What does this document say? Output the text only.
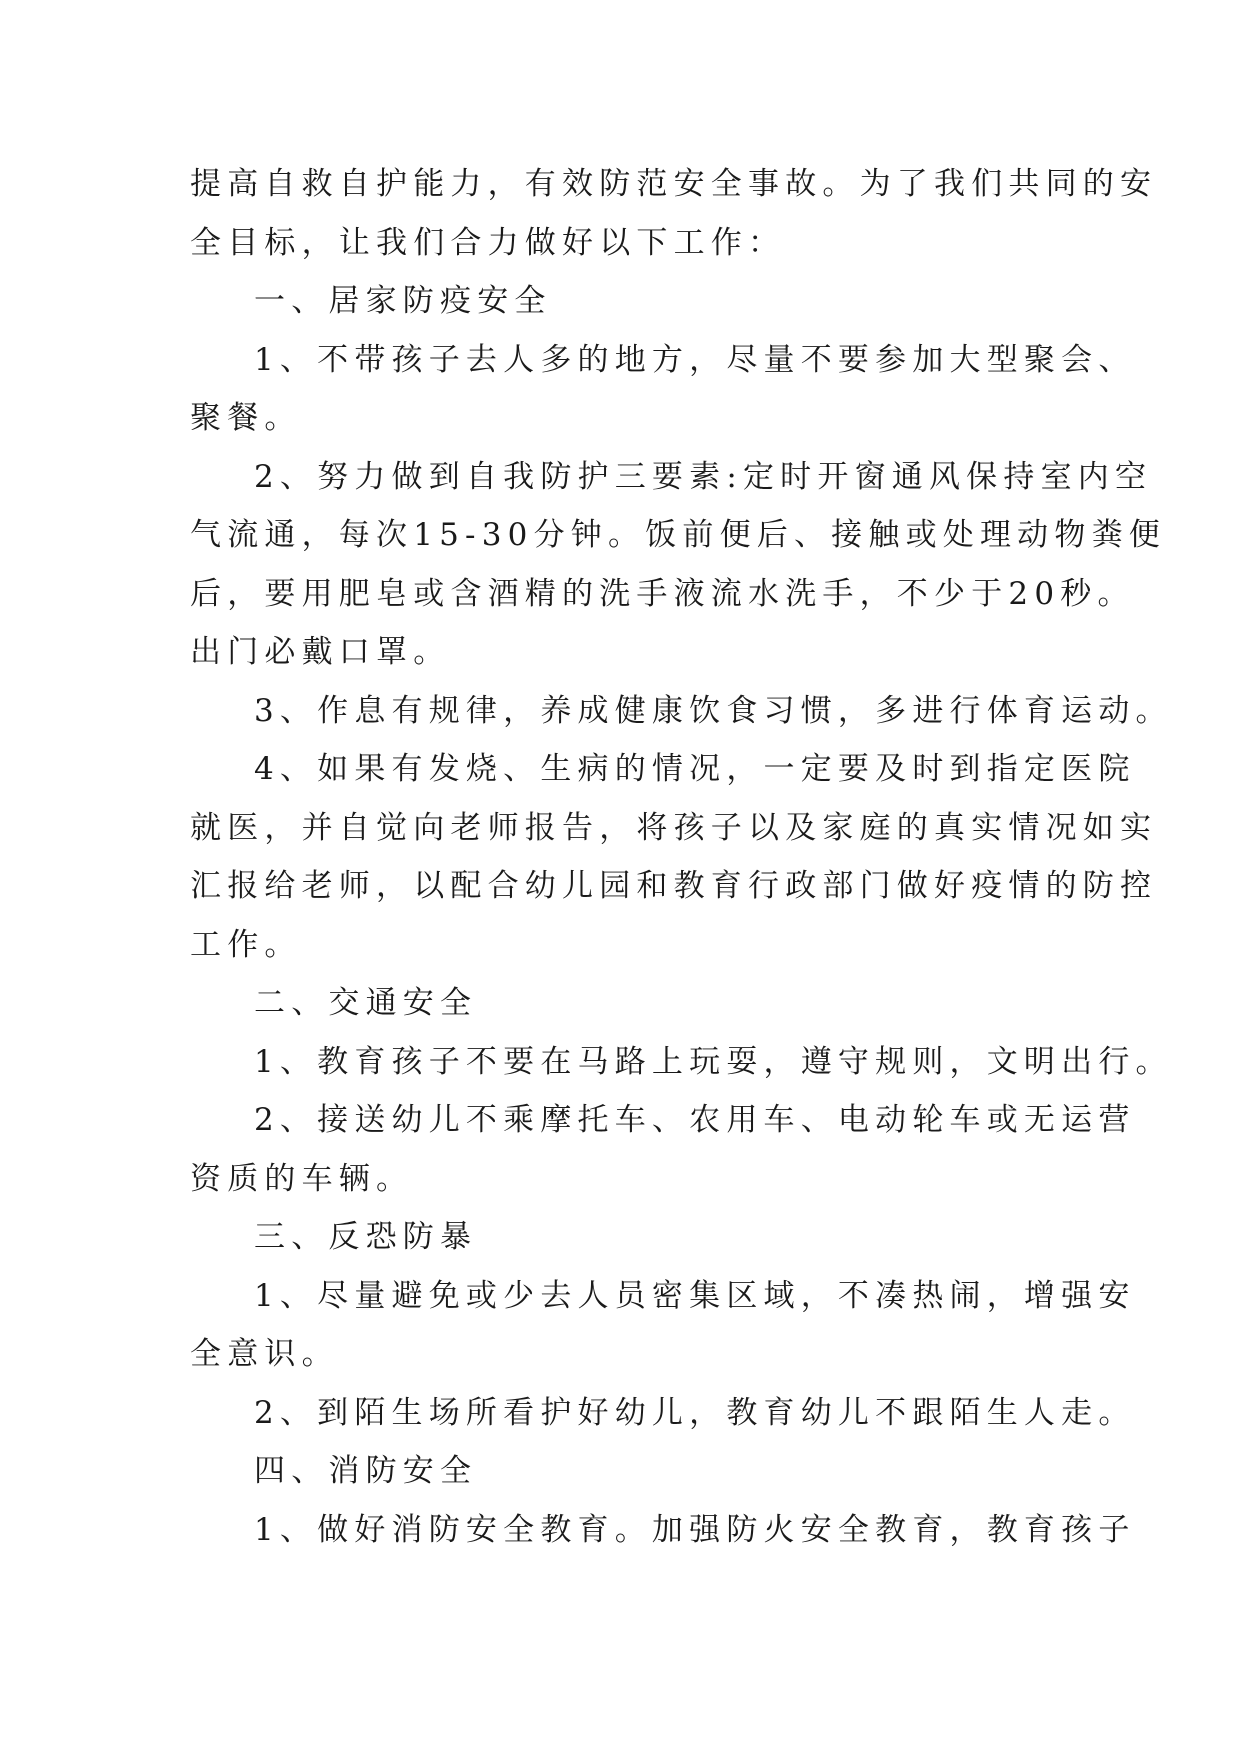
提高自救自护能力，有效防范安全事故。为了我们共同的安

全目标，让我们合力做好以下工作：

一、居家防疫安全

1、不带孩子去人多的地方，尽量不要参加大型聚会、

聚餐。

2、努力做到自我防护三要素:定时开窗通风保持室内空

气流通，每次15-30分钟。饭前便后、接触或处理动物粪便

后，要用肥皂或含酒精的洗手液流水洗手，不少于20秒。

出门必戴口罩。

3、作息有规律，养成健康饮食习惯，多进行体育运动。

4、如果有发烧、生病的情况，一定要及时到指定医院

就医，并自觉向老师报告，将孩子以及家庭的真实情况如实

汇报给老师，以配合幼儿园和教育行政部门做好疫情的防控

工作。

二、交通安全

1、教育孩子不要在马路上玩耍，遵守规则，文明出行。

2、接送幼儿不乘摩托车、农用车、电动轮车或无运营

资质的车辆。

三、反恐防暴

1、尽量避免或少去人员密集区域，不凑热闹，增强安

全意识。

2、到陌生场所看护好幼儿，教育幼儿不跟陌生人走。

四、消防安全

1、做好消防安全教育。加强防火安全教育，教育孩子
